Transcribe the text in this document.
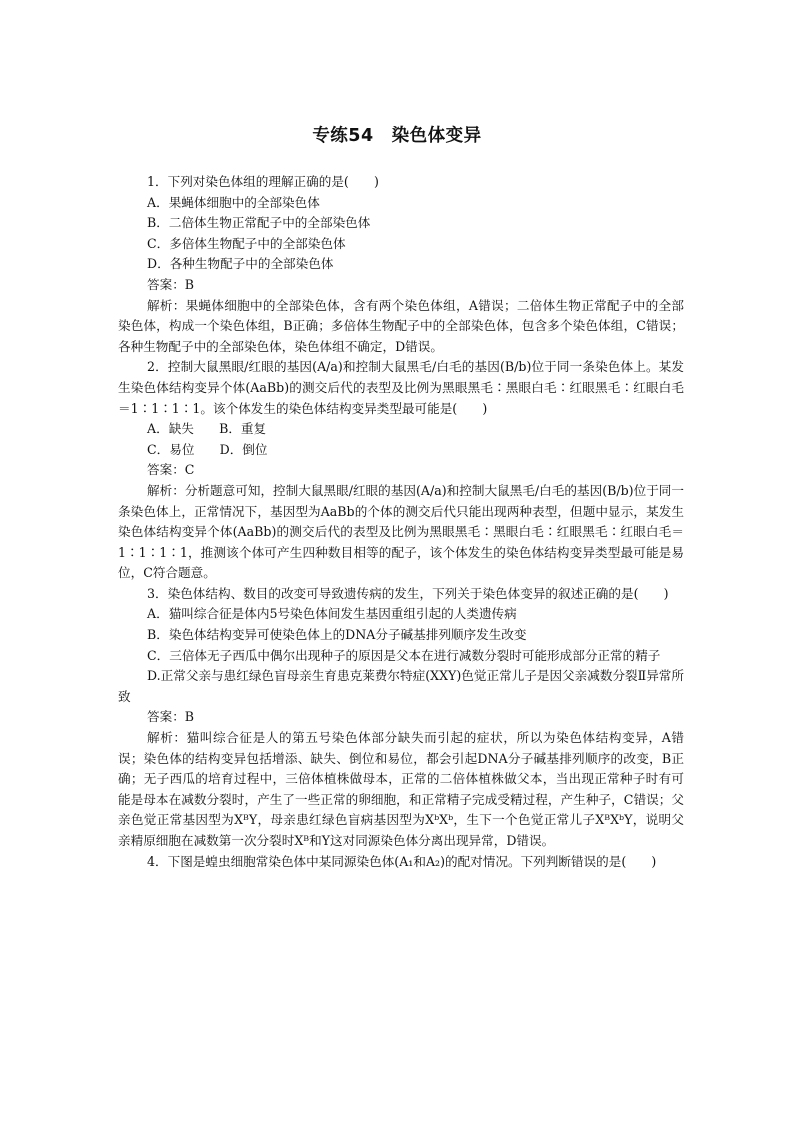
专练54　染色体变异

1．下列对染色体组的理解正确的是(　　)

A．果蝇体细胞中的全部染色体

B．二倍体生物正常配子中的全部染色体

C．多倍体生物配子中的全部染色体

D．各种生物配子中的全部染色体

答案：B

解析：果蝇体细胞中的全部染色体，含有两个染色体组，A错误；二倍体生物正常配子中的全部染色体，构成一个染色体组，B正确；多倍体生物配子中的全部染色体，包含多个染色体组，C错误；各种生物配子中的全部染色体，染色体组不确定，D错误。

2．控制大鼠黑眼/红眼的基因(A/a)和控制大鼠黑毛/白毛的基因(B/b)位于同一条染色体上。某发生染色体结构变异个体(AaBb)的测交后代的表型及比例为黑眼黑毛∶黑眼白毛∶红眼黑毛∶红眼白毛＝1∶1∶1∶1。该个体发生的染色体结构变异类型最可能是(　　)

A．缺失　　B．重复

C．易位　　D．倒位

答案：C

解析：分析题意可知，控制大鼠黑眼/红眼的基因(A/a)和控制大鼠黑毛/白毛的基因(B/b)位于同一条染色体上，正常情况下，基因型为AaBb的个体的测交后代只能出现两种表型，但题中显示，某发生染色体结构变异个体(AaBb)的测交后代的表型及比例为黑眼黑毛∶黑眼白毛∶红眼黑毛∶红眼白毛＝1∶1∶1∶1，推测该个体可产生四种数目相等的配子，该个体发生的染色体结构变异类型最可能是易位，C符合题意。

3．染色体结构、数目的改变可导致遗传病的发生，下列关于染色体变异的叙述正确的是(　　)

A．猫叫综合征是体内5号染色体间发生基因重组引起的人类遗传病

B．染色体结构变异可使染色体上的DNA分子碱基排列顺序发生改变

C．三倍体无子西瓜中偶尔出现种子的原因是父本在进行减数分裂时可能形成部分正常的精子

D.正常父亲与患红绿色盲母亲生育患克莱费尔特症(XXY)色觉正常儿子是因父亲减数分裂Ⅱ异常所致

答案：B

解析：猫叫综合征是人的第五号染色体部分缺失而引起的症状，所以为染色体结构变异，A错误；染色体的结构变异包括增添、缺失、倒位和易位，都会引起DNA分子碱基排列顺序的改变，B正确；无子西瓜的培育过程中，三倍体植株做母本，正常的二倍体植株做父本，当出现正常种子时有可能是母本在减数分裂时，产生了一些正常的卵细胞，和正常精子完成受精过程，产生种子，C错误；父亲色觉正常基因型为XᴮY，母亲患红绿色盲病基因型为XᵇXᵇ，生下一个色觉正常儿子XᴮXᵇY，说明父亲精原细胞在减数第一次分裂时Xᴮ和Y这对同源染色体分离出现异常，D错误。

4．下图是蝗虫细胞常染色体中某同源染色体(A₁和A₂)的配对情况。下列判断错误的是(　　)
